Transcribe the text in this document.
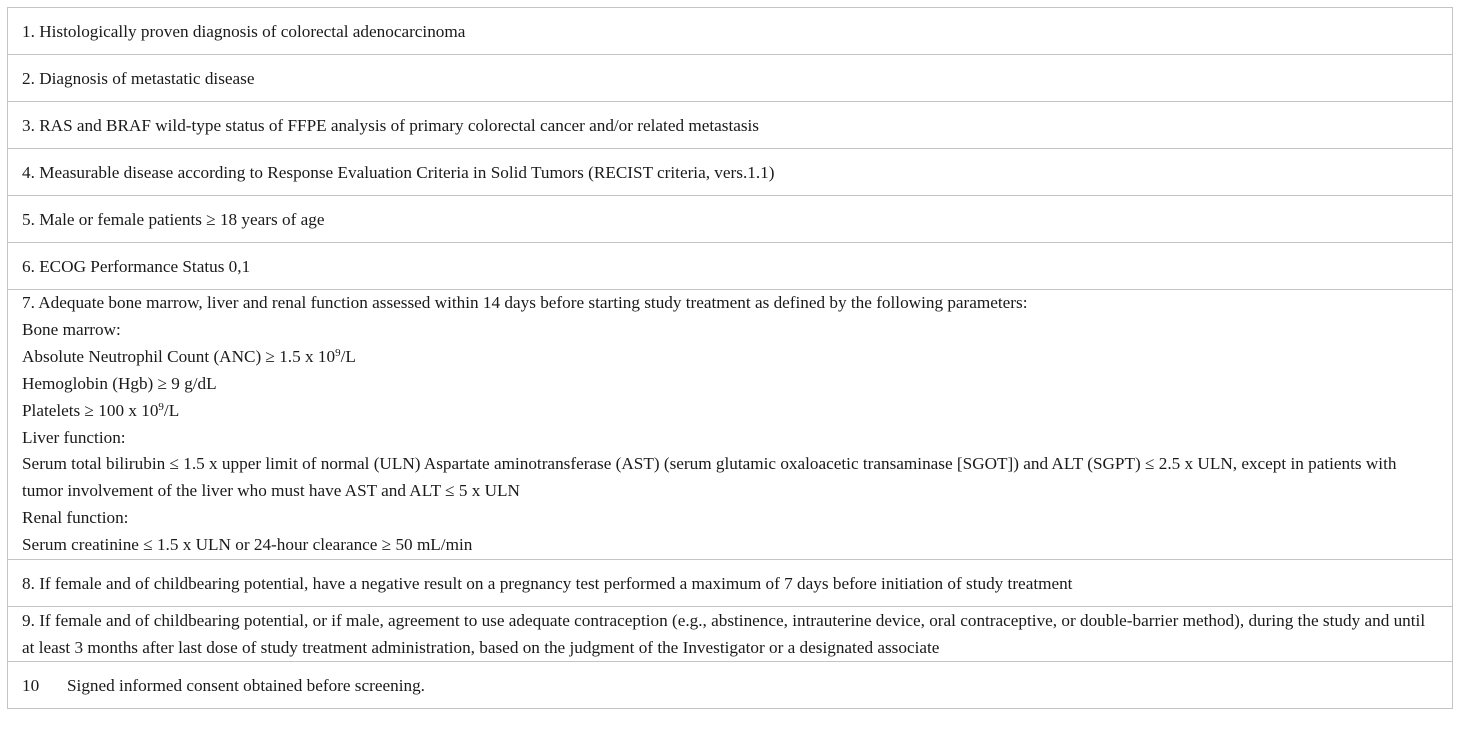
1. Histologically proven diagnosis of colorectal adenocarcinoma
2. Diagnosis of metastatic disease
3. RAS and BRAF wild-type status of FFPE analysis of primary colorectal cancer and/or related metastasis
4. Measurable disease according to Response Evaluation Criteria in Solid Tumors (RECIST criteria, vers.1.1)
5. Male or female patients ≥ 18 years of age
6. ECOG Performance Status 0,1

7. Adequate bone marrow, liver and renal function assessed within 14 days before starting study treatment as defined by the following parameters:
Bone marrow:
Absolute Neutrophil Count (ANC) ≥ 1.5 x $10^9/L$
Hemoglobin (Hgb) ≥ 9 g/dL
Platelets ≥ 100 x $10^9/L$
Liver function:
Serum total bilirubin ≤ 1.5 x upper limit of normal (ULN) Aspartate aminotransferase (AST) (serum glutamic oxaloacetic transaminase [SGOT]) and ALT (SGPT) ≤ 2.5 x ULN, except in patients with tumor involvement of the liver who must have AST and ALT ≤ 5 x ULN
Renal function:
Serum creatinine ≤ 1.5 x ULN or 24-hour clearance ≥ 50 mL/min

8. If female and of childbearing potential, have a negative result on a pregnancy test performed a maximum of 7 days before initiation of study treatment
9. If female and of childbearing potential, or if male, agreement to use adequate contraception (e.g., abstinence, intrauterine device, oral contraceptive, or double-barrier method), during the study and until at least 3 months after last dose of study treatment administration, based on the judgment of the Investigator or a designated associate
10 Signed informed consent obtained before screening.
